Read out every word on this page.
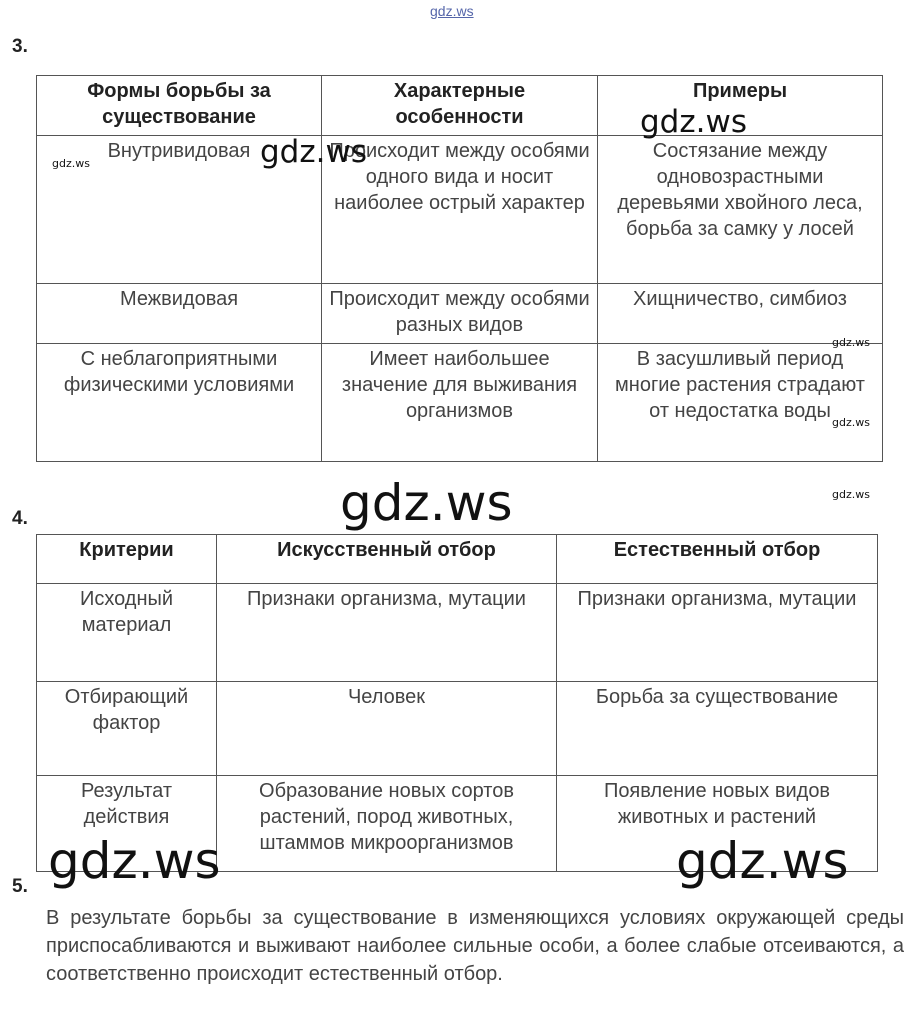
gdz.ws
3.
Формы борьбы за существование	Характерные особенности	Примеры
Внутривидовая	Происходит между особями одного вида и носит наиболее острый характер	Состязание между одновозрастными деревьями хвойного леса, борьба за самку у лосей
Межвидовая	Происходит между особями разных видов	Хищничество, симбиоз
С неблагоприятными физическими условиями	Имеет наибольшее значение для выживания организмов	В засушливый период многие растения страдают от недостатка воды
4.
Критерии	Искусственный отбор	Естественный отбор
Исходный материал	Признаки организма, мутации	Признаки организма, мутации
Отбирающий фактор	Человек	Борьба за существование
Результат действия	Образование новых сортов растений, пород животных, штаммов микроорганизмов	Появление новых видов животных и растений
5.
В результате борьбы за существование в изменяющихся условиях окружающей среды приспосабливаются и выживают наиболее сильные особи, а более слабые отсеиваются, а соответственно происходит естественный отбор.
gdz.ws	gdz.ws
gdz.ws
gdz.ws
gdz.ws
gdz.ws
gdz.ws
gdz.ws	gdz.ws
